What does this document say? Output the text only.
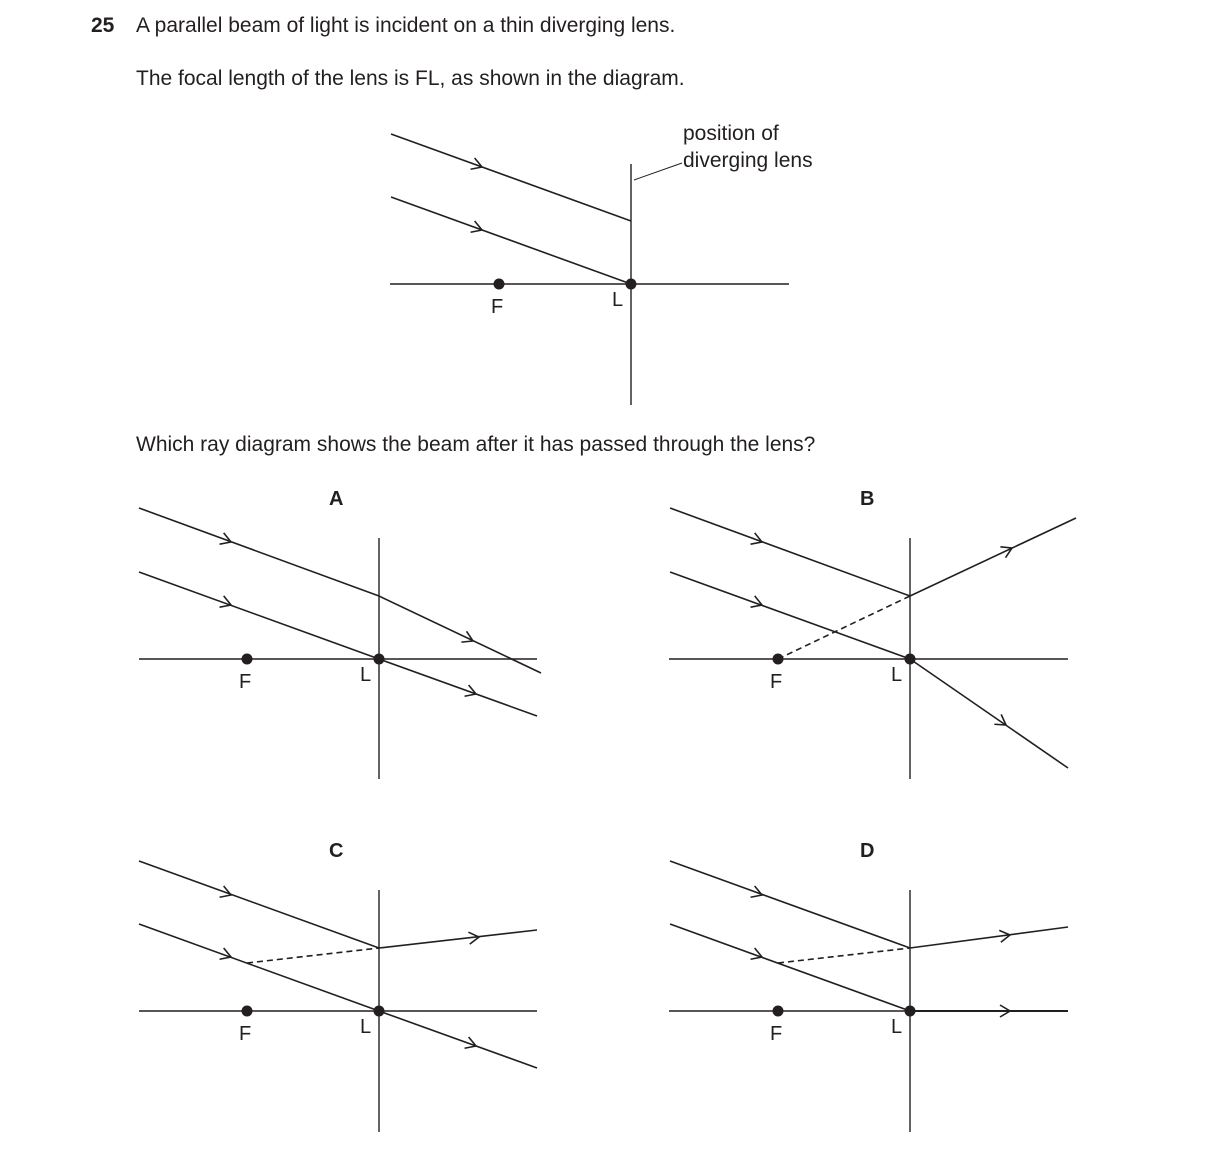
25 A parallel beam of light is incident on a thin diverging lens.
The focal length of the lens is FL, as shown in the diagram.
Which ray diagram shows the beam after it has passed through the lens?
F	L
position of
diverging lens
A
F	L
B
F	L
C
F	L
D
F	L
